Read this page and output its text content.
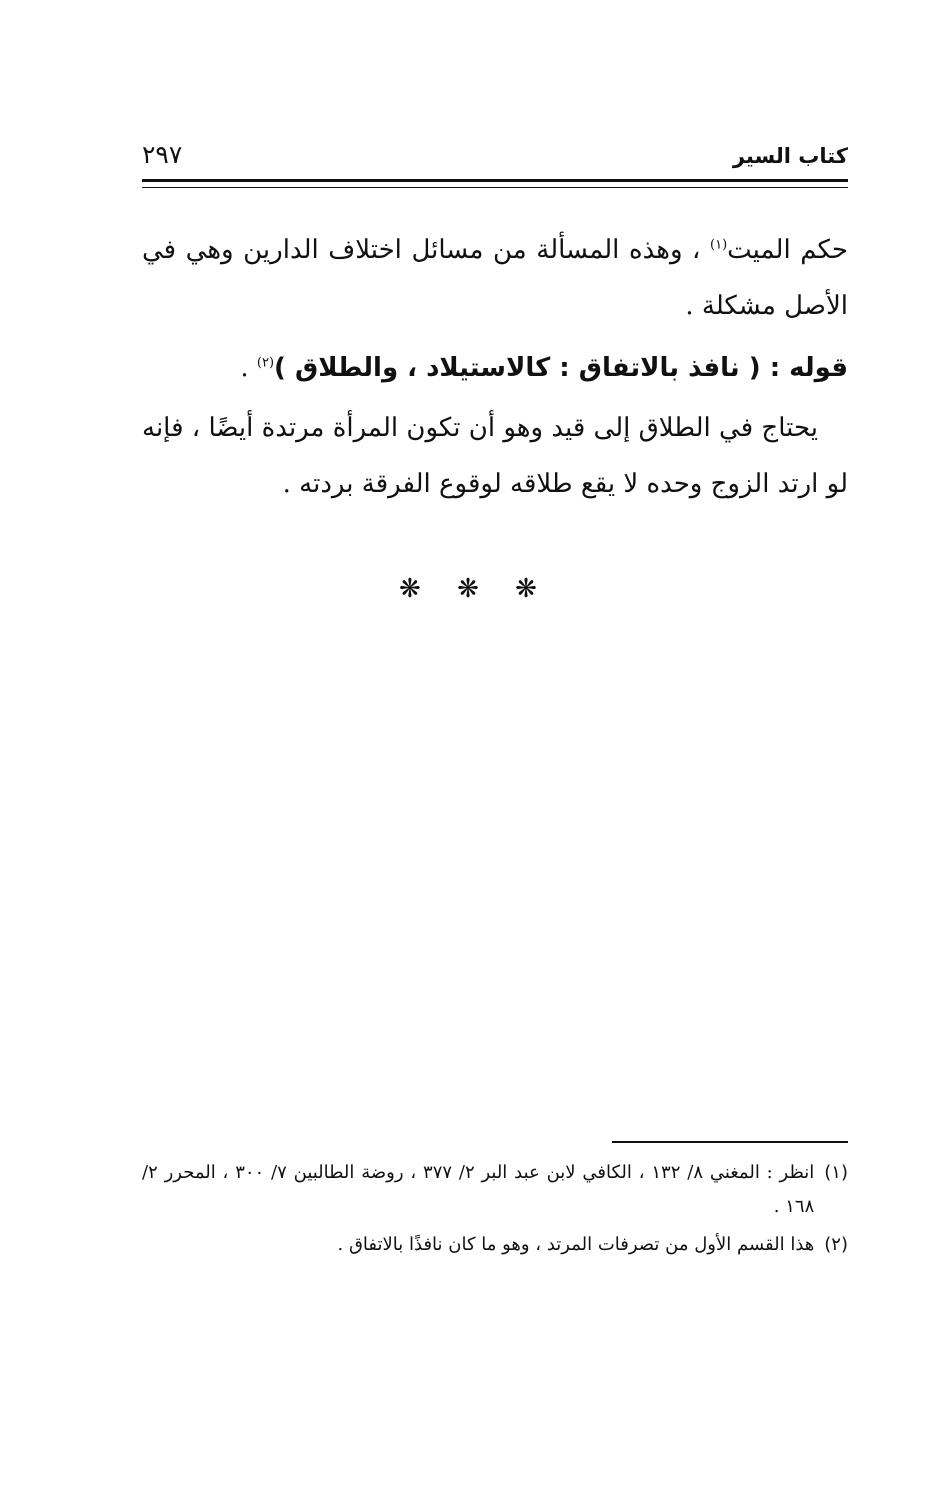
كتاب السير
٢٩٧

حكم الميت$^{(١)}$ ، وهذه المسألة من مسائل اختلاف الدارين وهي في الأصل مشكلة .

قوله : ( نافذ بالاتفاق : كالاستيلاد ، والطلاق )$^{(٢)}$ .

يحتاج في الطلاق إلى قيد وهو أن تكون المرأة مرتدة أيضًا ، فإنه لو ارتد الزوج وحده لا يقع طلاقه لوقوع الفرقة بردته .

❋ ❋ ❋

(١)
انظر : المغني ٨/ ١٣٢ ، الكافي لابن عبد البر ٢/ ٣٧٧ ، روضة الطالبين ٧/ ٣٠٠ ، المحرر ٢/ ١٦٨ .

(٢)
هذا القسم الأول من تصرفات المرتد ، وهو ما كان نافذًا بالاتفاق .
